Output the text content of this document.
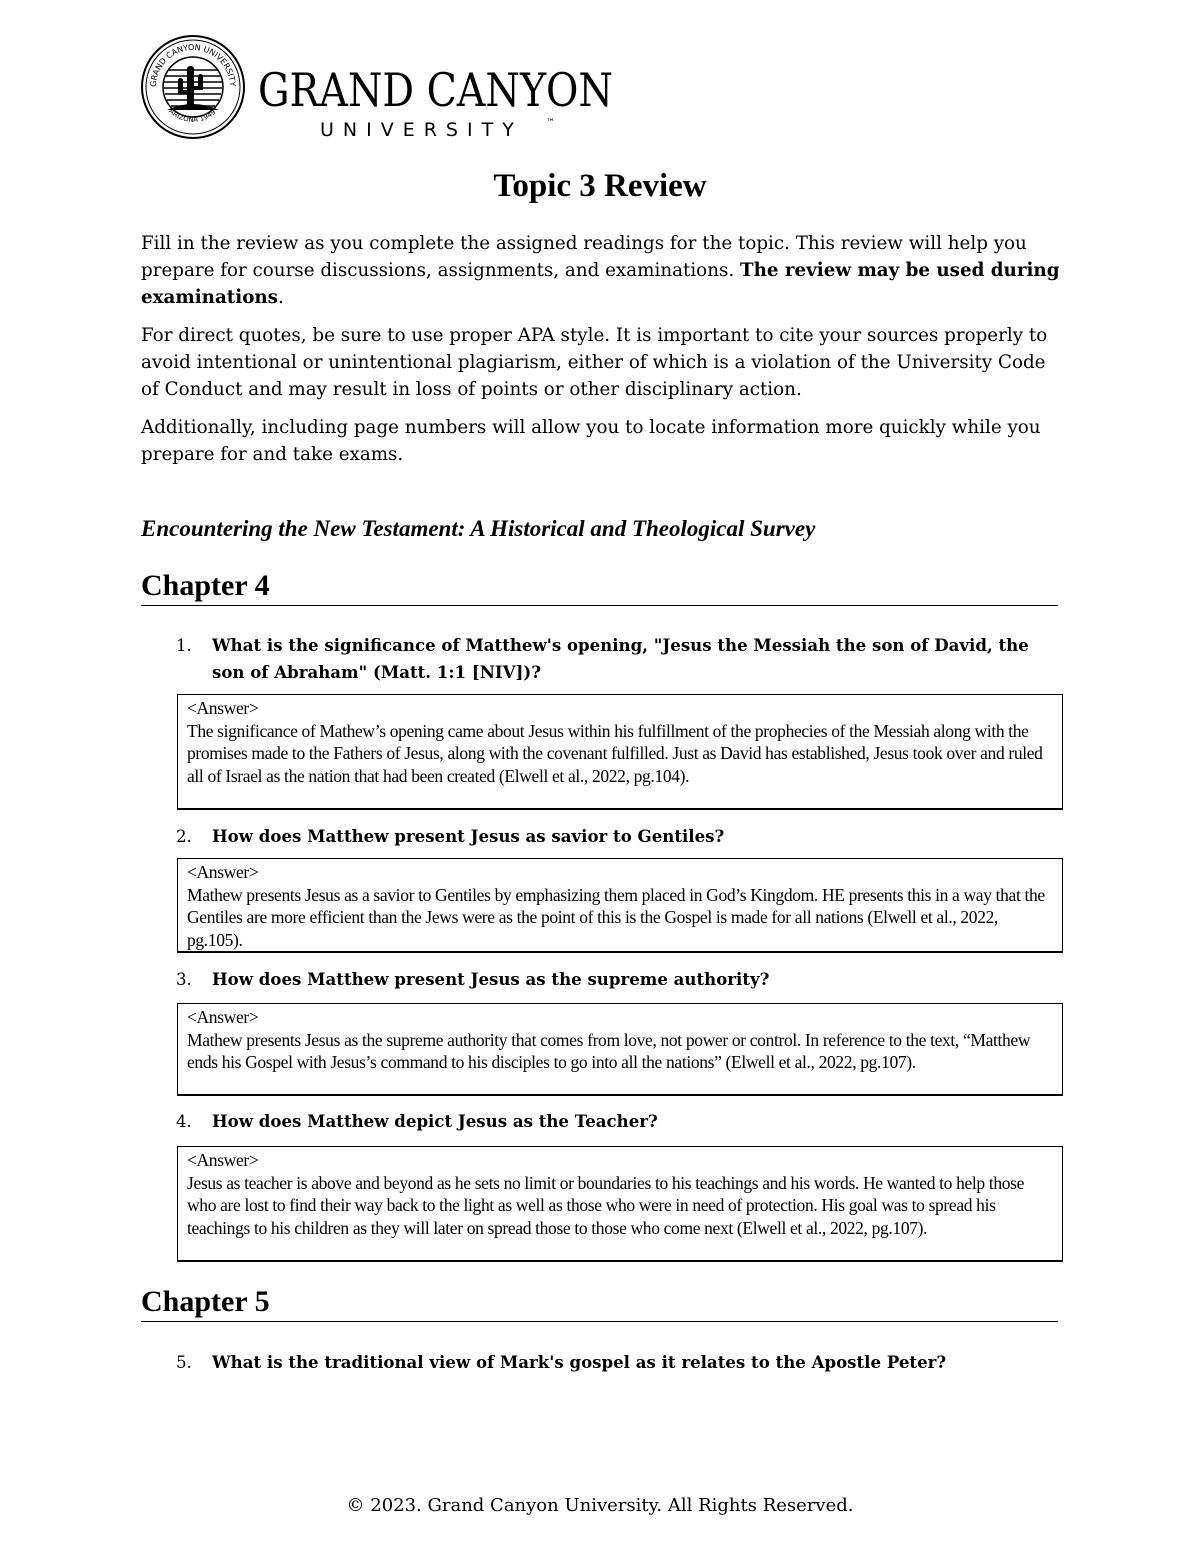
GRAND CANYON UNIVERSITY
ARIZONA 1949 GRAND CANYON
UNIVERSITY	™
Topic 3 Review

Fill in the review as you complete the assigned readings for the topic. This review will help you prepare for course discussions, assignments, and examinations. The review may be used during examinations.

For direct quotes, be sure to use proper APA style. It is important to cite your sources properly to avoid intentional or unintentional plagiarism, either of which is a violation of the University Code of Conduct and may result in loss of points or other disciplinary action.

Additionally, including page numbers will allow you to locate information more quickly while you prepare for and take exams.

Encountering the New Testament: A Historical and Theological Survey
Chapter 4
1. What is the significance of Matthew's opening, "Jesus the Messiah the son of David, the son of Abraham" (Matt. 1:1 [NIV])?
<Answer>
The significance of Mathew’s opening came about Jesus within his fulfillment of the prophecies of the Messiah along with the promises made to the Fathers of Jesus, along with the covenant fulfilled. Just as David has established, Jesus took over and ruled all of Israel as the nation that had been created (Elwell et al., 2022, pg.104).
2. How does Matthew present Jesus as savior to Gentiles?
<Answer>
Mathew presents Jesus as a savior to Gentiles by emphasizing them placed in God’s Kingdom. HE presents this in a way that the Gentiles are more efficient than the Jews were as the point of this is the Gospel is made for all nations (Elwell et al., 2022, pg.105).
3. How does Matthew present Jesus as the supreme authority?
<Answer>
Mathew presents Jesus as the supreme authority that comes from love, not power or control. In reference to the text, “Matthew ends his Gospel with Jesus’s command to his disciples to go into all the nations” (Elwell et al., 2022, pg.107).
4. How does Matthew depict Jesus as the Teacher?
<Answer>
Jesus as teacher is above and beyond as he sets no limit or boundaries to his teachings and his words. He wanted to help those who are lost to find their way back to the light as well as those who were in need of protection. His goal was to spread his teachings to his children as they will later on spread those to those who come next (Elwell et al., 2022, pg.107).
Chapter 5
5. What is the traditional view of Mark's gospel as it relates to the Apostle Peter?
© 2023. Grand Canyon University. All Rights Reserved.
